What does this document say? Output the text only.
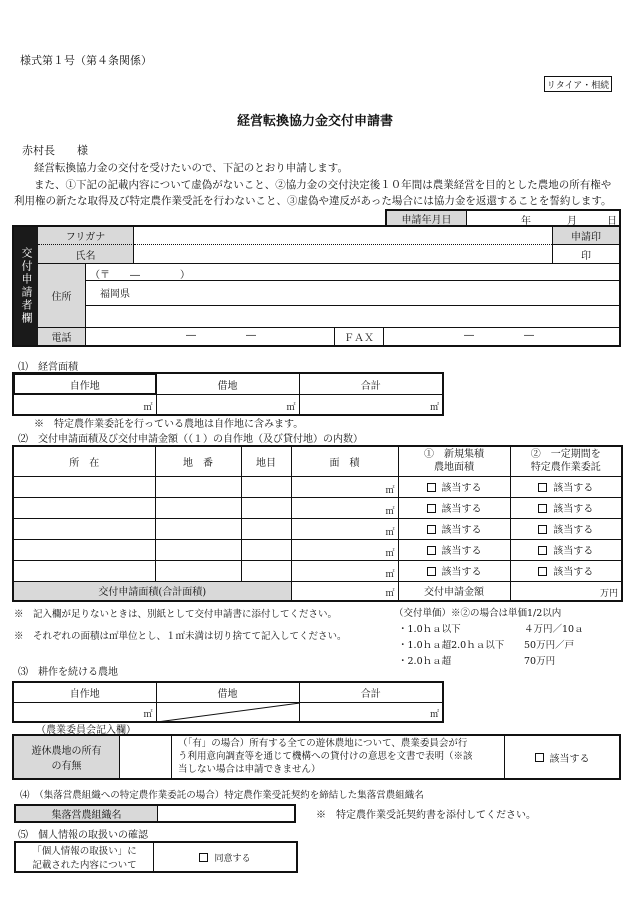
様式第１号（第４条関係）
リタイア・相続
経営転換協力金交付申請書
赤村長　　様
経営転換協力金の交付を受けたいので、下記のとおり申請します。
また、①下記の記載内容について虚偽がないこと、②協力金の交付決定後１０年間は農業経営を目的とした農地の所有権や
利用権の新たな取得及び特定農作業受託を行わないこと、③虚偽や違反があった場合には協力金を返還することを誓約します。
申請年月日	年	月	日
交付申請者欄
フリガナ	申請印
氏名	印
住所
（〒　　―　　　　）
福岡県
電話	―	―	ＦＡＸ	―	―
⑴　経営面積
自作地	借地	合計
㎡	㎡	㎡
※　特定農作業委託を行っている農地は自作地に含みます。
⑵　交付申請面積及び交付申請金額（（１）の自作地（及び貸付地）の内数）
所　在	地　番	地目	面　積	①　新規集積
農地面積	②　一定期間を
特定農作業委託
			㎡	該当する	該当する
			㎡	該当する	該当する
			㎡	該当する	該当する
			㎡	該当する	該当する
			㎡	該当する	該当する
交付申請面積(合計面積)			㎡	交付申請金額	万円
※　記入欄が足りないときは、別紙として交付申請書に添付してください。
※　それぞれの面積は㎡単位とし、１㎡未満は切り捨てて記入してください。
（交付単価）※②の場合は単価1/2以内
・1.0ｈａ以下	４万円／10ａ
・1.0ｈａ超2.0ｈａ以下 50万円／戸
・2.0ｈａ超	70万円
⑶　耕作を続ける農地
自作地	借地	合計
㎡		㎡
（農業委員会記入欄）
遊休農地の所有
の有無
（「有」の場合）所有する全ての遊休農地について、農業委員会が行
う利用意向調査等を通じて機構への貸付けの意思を文書で表明（※該
当しない場合は申請できません）
該当する
⑷　（集落営農組織への特定農作業委託の場合）特定農作業受託契約を締結した集落営農組織名
集落営農組織名	※　特定農作業受託契約書を添付してください。
⑸　個人情報の取扱いの確認
「個人情報の取扱い」に
記載された内容について
同意する
